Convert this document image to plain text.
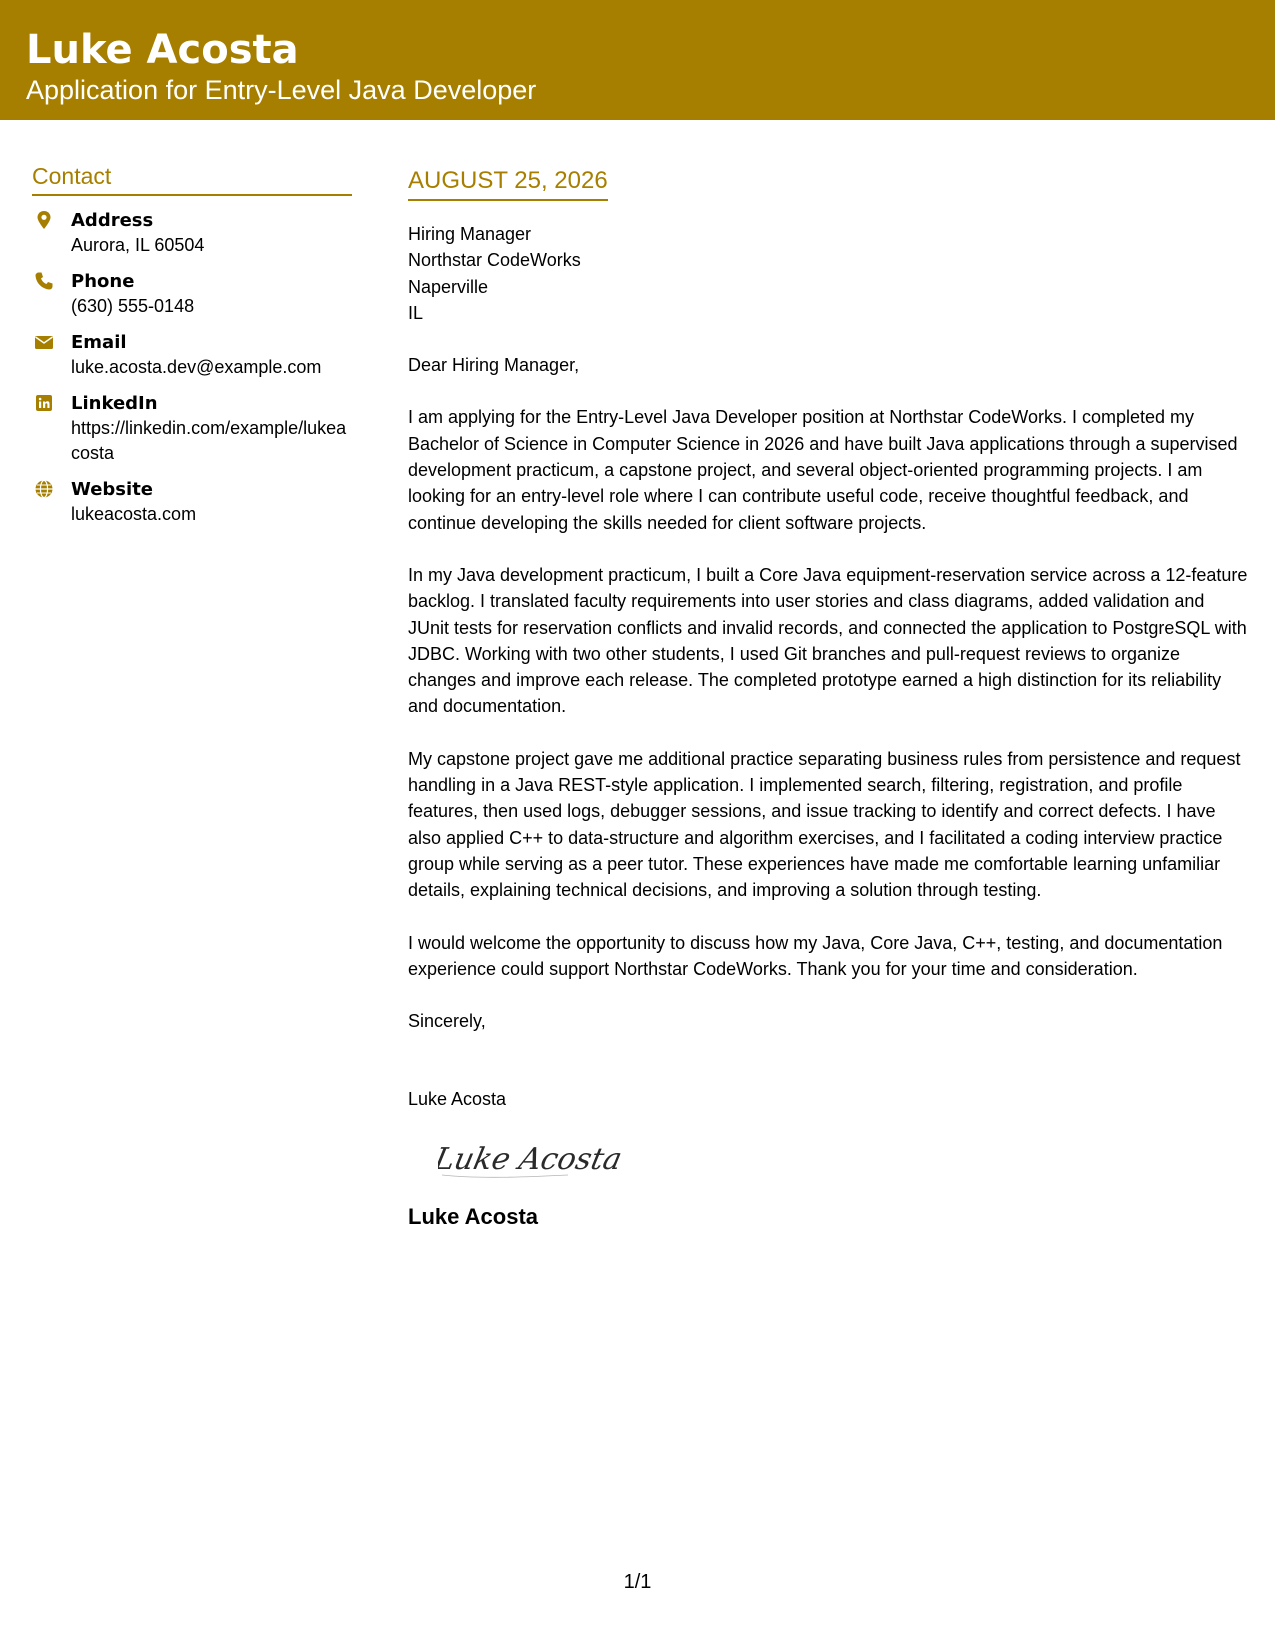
Luke Acosta
Application for Entry-Level Java Developer
Contact
Address
Aurora, IL 60504
Phone
(630) 555-0148
Email
luke.acosta.dev@example.com
LinkedIn
https://linkedin.com/example/lukeacosta
Website
lukeacosta.com
AUGUST 25, 2026
Hiring Manager
Northstar CodeWorks
Naperville
IL
Dear Hiring Manager,

I am applying for the Entry-Level Java Developer position at Northstar CodeWorks. I completed my Bachelor of Science in Computer Science in 2026 and have built Java applications through a supervised development practicum, a capstone project, and several object-oriented programming projects. I am looking for an entry-level role where I can contribute useful code, receive thoughtful feedback, and continue developing the skills needed for client software projects.

In my Java development practicum, I built a Core Java equipment-reservation service across a 12-feature backlog. I translated faculty requirements into user stories and class diagrams, added validation and JUnit tests for reservation conflicts and invalid records, and connected the application to PostgreSQL with JDBC. Working with two other students, I used Git branches and pull-request reviews to organize changes and improve each release. The completed prototype earned a high distinction for its reliability and documentation.

My capstone project gave me additional practice separating business rules from persistence and request handling in a Java REST-style application. I implemented search, filtering, registration, and profile features, then used logs, debugger sessions, and issue tracking to identify and correct defects. I have also applied C++ to data-structure and algorithm exercises, and I facilitated a coding interview practice group while serving as a peer tutor. These experiences have made me comfortable learning unfamiliar details, explaining technical decisions, and improving a solution through testing.

I would welcome the opportunity to discuss how my Java, Core Java, C++, testing, and documentation experience could support Northstar CodeWorks. Thank you for your time and consideration.

Sincerely,
Luke Acosta
Luke Acosta
Luke Acosta
1/1
